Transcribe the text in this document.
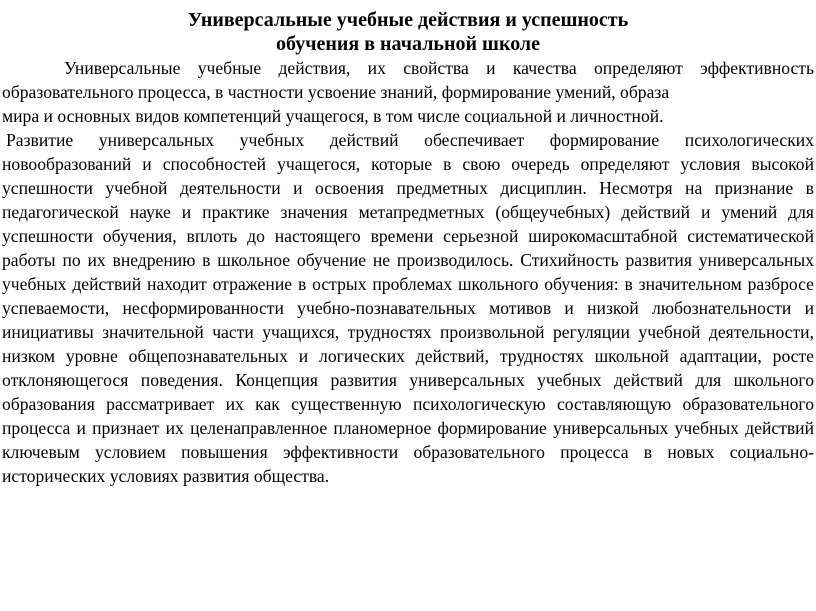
Универсальные учебные действия и успешность
обучения в начальной школе

Универсальные учебные действия, их свойства и качества определяют эффективность образовательного процесса, в частности усвоение знаний, формирование умений, образа

мира и основных видов компетенций учащегося, в том числе социальной и личностной.

Развитие универсальных учебных действий обеспечивает формирование психологических новообразований и способностей учащегося, которые в свою очередь определяют условия высокой успешности учебной деятельности и освоения предметных дисциплин. Несмотря на признание в педагогической науке и практике значения метапредметных (общеучебных) действий и умений для успешности обучения, вплоть до настоящего времени серьезной широкомасштабной систематической работы по их внедрению в школьное обучение не производилось. Стихийность развития универсальных учебных действий находит отражение в острых проблемах школьного обучения: в значительном разбросе успеваемости, несформированности учебно-познавательных мотивов и низкой любознательности и инициативы значительной части учащихся, трудностях произвольной регуляции учебной деятельности, низком уровне общепознавательных и логических действий, трудностях школьной адаптации, росте отклоняющегося поведения. Концепция развития универсальных учебных действий для школьного образования рассматривает их как существенную психологическую составляющую образовательного процесса и признает их целенаправленное планомерное формирование универсальных учебных действий ключевым условием повышения эффективности образовательного процесса в новых социально-исторических условиях развития общества.
